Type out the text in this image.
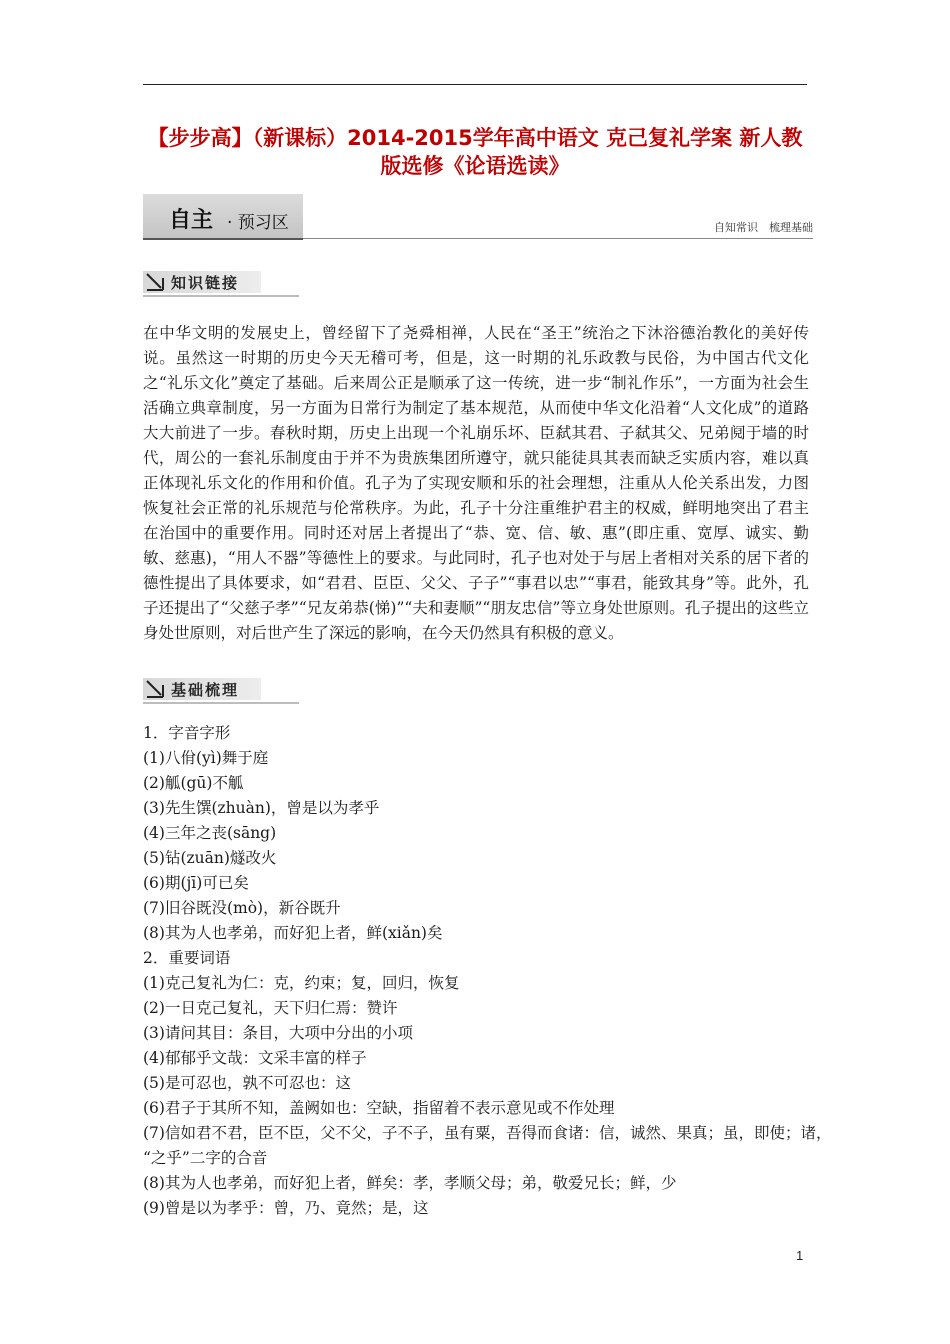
【步步高】（新课标）2014-2015学年高中语文 克己复礼学案 新人教
版选修《论语选读》
自主 · 预习区	自知常识　梳理基础
知识链接

在中华文明的发展史上，曾经留下了尧舜相禅，人民在“圣王”统治之下沐浴德治教化的美好传说。虽然这一时期的历史今天无稽可考，但是，这一时期的礼乐政教与民俗，为中国古代文化之“礼乐文化”奠定了基础。后来周公正是顺承了这一传统，进一步“制礼作乐”，一方面为社会生活确立典章制度，另一方面为日常行为制定了基本规范，从而使中华文化沿着“人文化成”的道路大大前进了一步。春秋时期，历史上出现一个礼崩乐坏、臣弑其君、子弑其父、兄弟阋于墙的时代，周公的一套礼乐制度由于并不为贵族集团所遵守，就只能徒具其表而缺乏实质内容，难以真正体现礼乐文化的作用和价值。孔子为了实现安顺和乐的社会理想，注重从人伦关系出发，力图恢复社会正常的礼乐规范与伦常秩序。为此，孔子十分注重维护君主的权威，鲜明地突出了君主在治国中的重要作用。同时还对居上者提出了“恭、宽、信、敏、惠”(即庄重、宽厚、诚实、勤敏、慈惠)，“用人不器”等德性上的要求。与此同时，孔子也对处于与居上者相对关系的居下者的德性提出了具体要求，如“君君、臣臣、父父、子子”“事君以忠”“事君，能致其身”等。此外，孔子还提出了“父慈子孝”“兄友弟恭(悌)”“夫和妻顺”“朋友忠信”等立身处世原则。孔子提出的这些立身处世原则，对后世产生了深远的影响，在今天仍然具有积极的意义。

基础梳理
1．字音字形
(1)八佾(yì)舞于庭
(2)觚(gū)不觚
(3)先生馔(zhuàn)，曾是以为孝乎
(4)三年之丧(sāng)
(5)钻(zuān)燧改火
(6)期(jī)可已矣
(7)旧谷既没(mò)，新谷既升
(8)其为人也孝弟，而好犯上者，鲜(xiǎn)矣
2．重要词语
(1)克己复礼为仁：克，约束；复，回归，恢复
(2)一日克己复礼，天下归仁焉：赞许
(3)请问其目：条目，大项中分出的小项
(4)郁郁乎文哉：文采丰富的样子
(5)是可忍也，孰不可忍也：这
(6)君子于其所不知，盖阙如也：空缺，指留着不表示意见或不作处理
(7)信如君不君，臣不臣，父不父，子不子，虽有粟，吾得而食诸：信，诚然、果真；虽，即使；诸，
“之乎”二字的合音
(8)其为人也孝弟，而好犯上者，鲜矣：孝，孝顺父母；弟，敬爱兄长；鲜，少
(9)曾是以为孝乎：曾，乃、竟然；是，这
1
